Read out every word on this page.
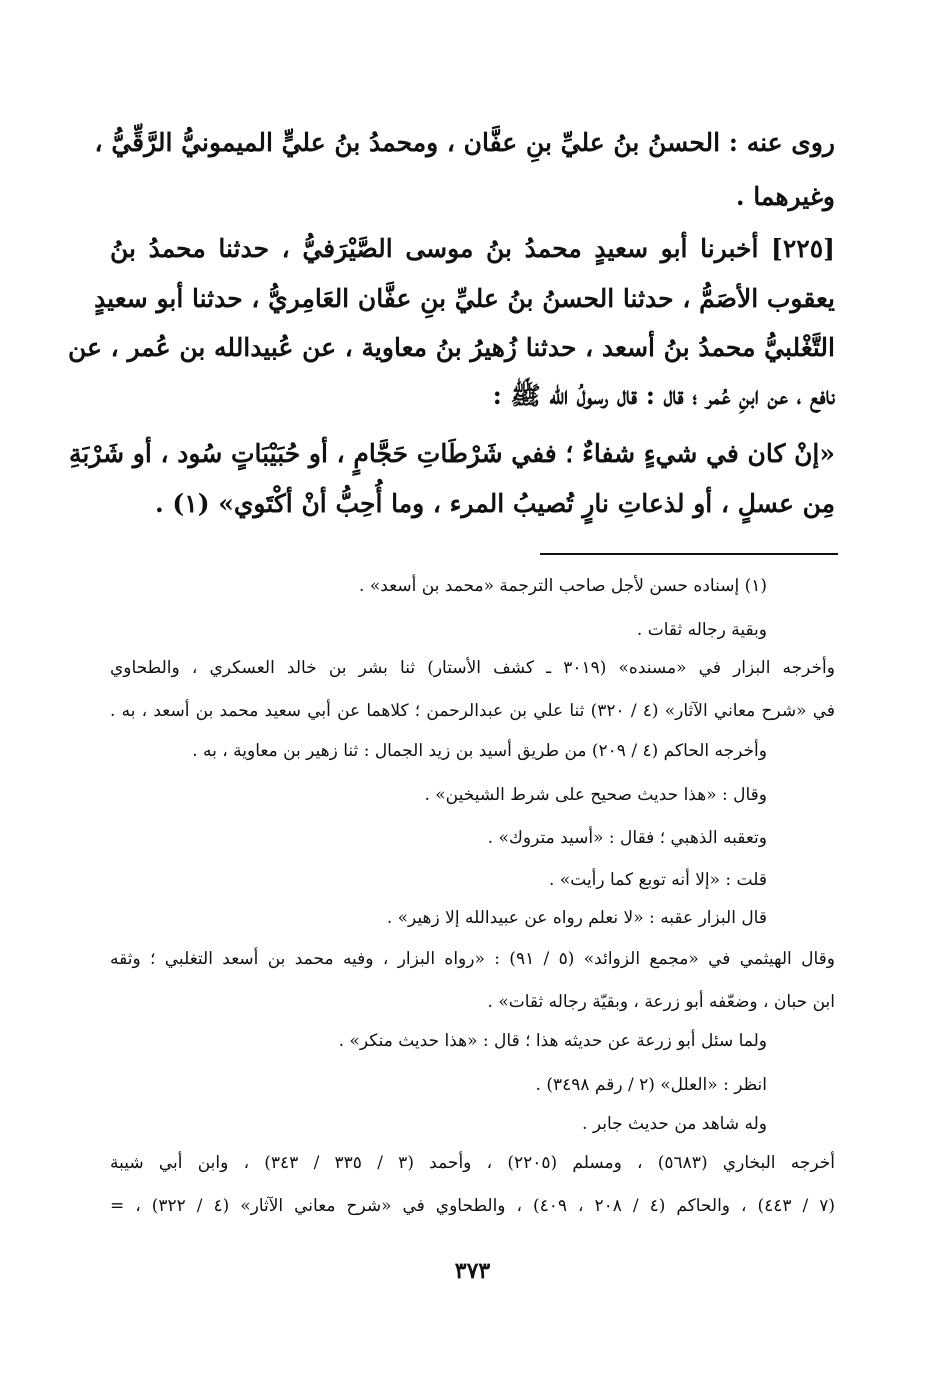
روى عنه : الحسنُ بنُ عليِّ بنِ عفَّان ، ومحمدُ بنُ عليٍّ الميمونيُّ الرَّقِّيُّ ،
وغيرهما .
[٢٢٥] أخبرنا أبو سعيدٍ محمدُ بنُ موسى الصَّيْرَفيُّ ، حدثنا محمدُ بنُ
يعقوب الأصَمُّ ، حدثنا الحسنُ بنُ عليِّ بنِ عفَّان العَامِريُّ ، حدثنا أبو سعيدٍ
التَّغْلبيُّ محمدُ بنُ أسعد ، حدثنا زُهيرُ بنُ معاوية ، عن عُبيدالله بن عُمر ، عن
نافع ، عن ابنِ عُمر ؛ قال : قال رسولُ الله ﷺ :
«إنْ كان في شيءٍ شفاءٌ ؛ ففي شَرْطَاتِ حَجَّامٍ ، أو حُبَيْبَاتٍ سُود ، أو شَرْبَةِ
مِن عسلٍ ، أو لذعاتِ نارٍ تُصيبُ المرء ، وما أُحِبُّ أنْ أكْتَوي» (١) .
(١) إسناده حسن لأجل صاحب الترجمة «محمد بن أسعد» .
وبقية رجاله ثقات .
وأخرجه البزار في «مسنده» (٣٠١٩ ـ كشف الأستار) ثنا بشر بن خالد العسكري ، والطحاوي
في «شرح معاني الآثار» (٤ / ٣٢٠) ثنا علي بن عبدالرحمن ؛ كلاهما عن أبي سعيد محمد بن أسعد ، به .
وأخرجه الحاكم (٤ / ٢٠٩) من طريق أسيد بن زيد الجمال : ثنا زهير بن معاوية ، به .
وقال : «هذا حديث صحيح على شرط الشيخين» .
وتعقبه الذهبي ؛ فقال : «أسيد متروك» .
قلت : «إلا أنه توبع كما رأيت» .
قال البزار عقبه : «لا نعلم رواه عن عبيدالله إلا زهير» .
وقال الهيثمي في «مجمع الزوائد» (٥ / ٩١) : «رواه البزار ، وفيه محمد بن أسعد التغلبي ؛ وثقه
ابن حبان ، وضعّفه أبو زرعة ، وبقيّة رجاله ثقات» .
ولما سئل أبو زرعة عن حديثه هذا ؛ قال : «هذا حديث منكر» .
انظر : «العلل» (٢ / رقم ٣٤٩٨) .
وله شاهد من حديث جابر .
أخرجه البخاري (٥٦٨٣) ، ومسلم (٢٢٠٥) ، وأحمد (٣ / ٣٣٥ / ٣٤٣) ، وابن أبي شيبة
(٧ / ٤٤٣) ، والحاكم (٤ / ٢٠٨ ، ٤٠٩) ، والطحاوي في «شرح معاني الآثار» (٤ / ٣٢٢) ، =
٣٧٣
